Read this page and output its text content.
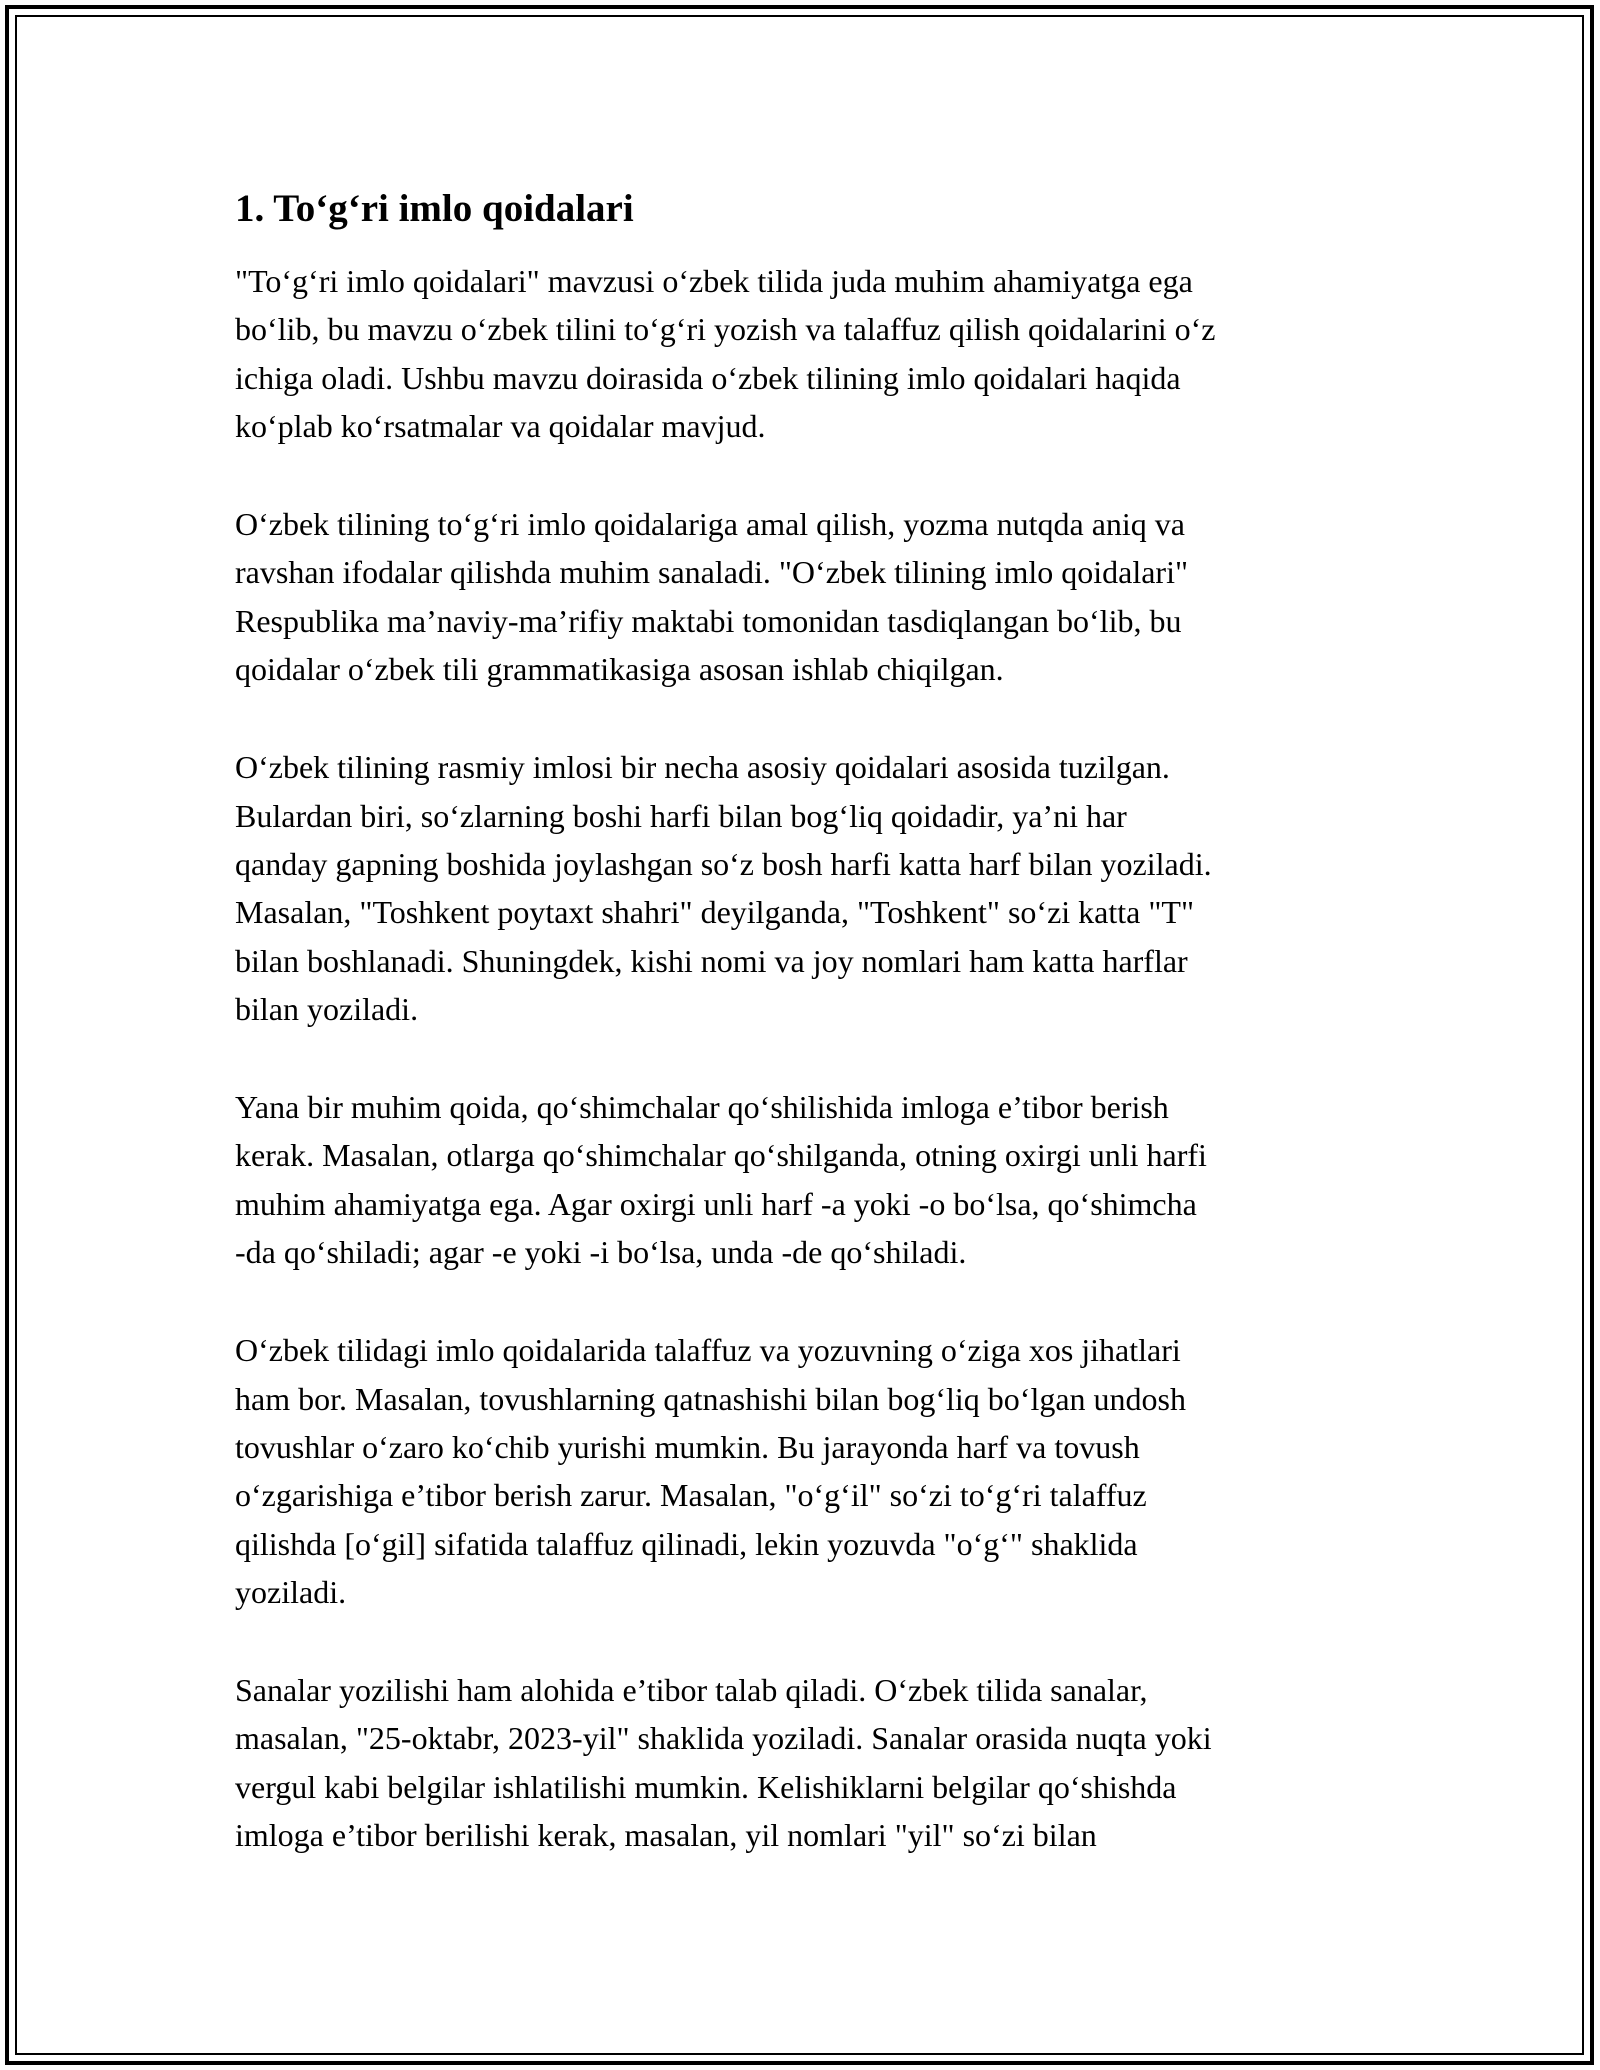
1. To‘g‘ri imlo qoidalari

"To‘g‘ri imlo qoidalari" mavzusi o‘zbek tilida juda muhim ahamiyatga ega
bo‘lib, bu mavzu o‘zbek tilini to‘g‘ri yozish va talaffuz qilish qoidalarini o‘z
ichiga oladi. Ushbu mavzu doirasida o‘zbek tilining imlo qoidalari haqida
ko‘plab ko‘rsatmalar va qoidalar mavjud.

O‘zbek tilining to‘g‘ri imlo qoidalariga amal qilish, yozma nutqda aniq va
ravshan ifodalar qilishda muhim sanaladi. "O‘zbek tilining imlo qoidalari"
Respublika ma’naviy-ma’rifiy maktabi tomonidan tasdiqlangan bo‘lib, bu
qoidalar o‘zbek tili grammatikasiga asosan ishlab chiqilgan.

O‘zbek tilining rasmiy imlosi bir necha asosiy qoidalari asosida tuzilgan.
Bulardan biri, so‘zlarning boshi harfi bilan bog‘liq qoidadir, ya’ni har
qanday gapning boshida joylashgan so‘z bosh harfi katta harf bilan yoziladi.
Masalan, "Toshkent poytaxt shahri" deyilganda, "Toshkent" so‘zi katta "T"
bilan boshlanadi. Shuningdek, kishi nomi va joy nomlari ham katta harflar
bilan yoziladi.

Yana bir muhim qoida, qo‘shimchalar qo‘shilishida imloga e’tibor berish
kerak. Masalan, otlarga qo‘shimchalar qo‘shilganda, otning oxirgi unli harfi
muhim ahamiyatga ega. Agar oxirgi unli harf -a yoki -o bo‘lsa, qo‘shimcha
-da qo‘shiladi; agar -e yoki -i bo‘lsa, unda -de qo‘shiladi.

O‘zbek tilidagi imlo qoidalarida talaffuz va yozuvning o‘ziga xos jihatlari
ham bor. Masalan, tovushlarning qatnashishi bilan bog‘liq bo‘lgan undosh
tovushlar o‘zaro ko‘chib yurishi mumkin. Bu jarayonda harf va tovush
o‘zgarishiga e’tibor berish zarur. Masalan, "o‘g‘il" so‘zi to‘g‘ri talaffuz
qilishda [o‘gil] sifatida talaffuz qilinadi, lekin yozuvda "o‘g‘" shaklida
yoziladi.

Sanalar yozilishi ham alohida e’tibor talab qiladi. O‘zbek tilida sanalar,
masalan, "25-oktabr, 2023-yil" shaklida yoziladi. Sanalar orasida nuqta yoki
vergul kabi belgilar ishlatilishi mumkin. Kelishiklarni belgilar qo‘shishda
imloga e’tibor berilishi kerak, masalan, yil nomlari "yil" so‘zi bilan
